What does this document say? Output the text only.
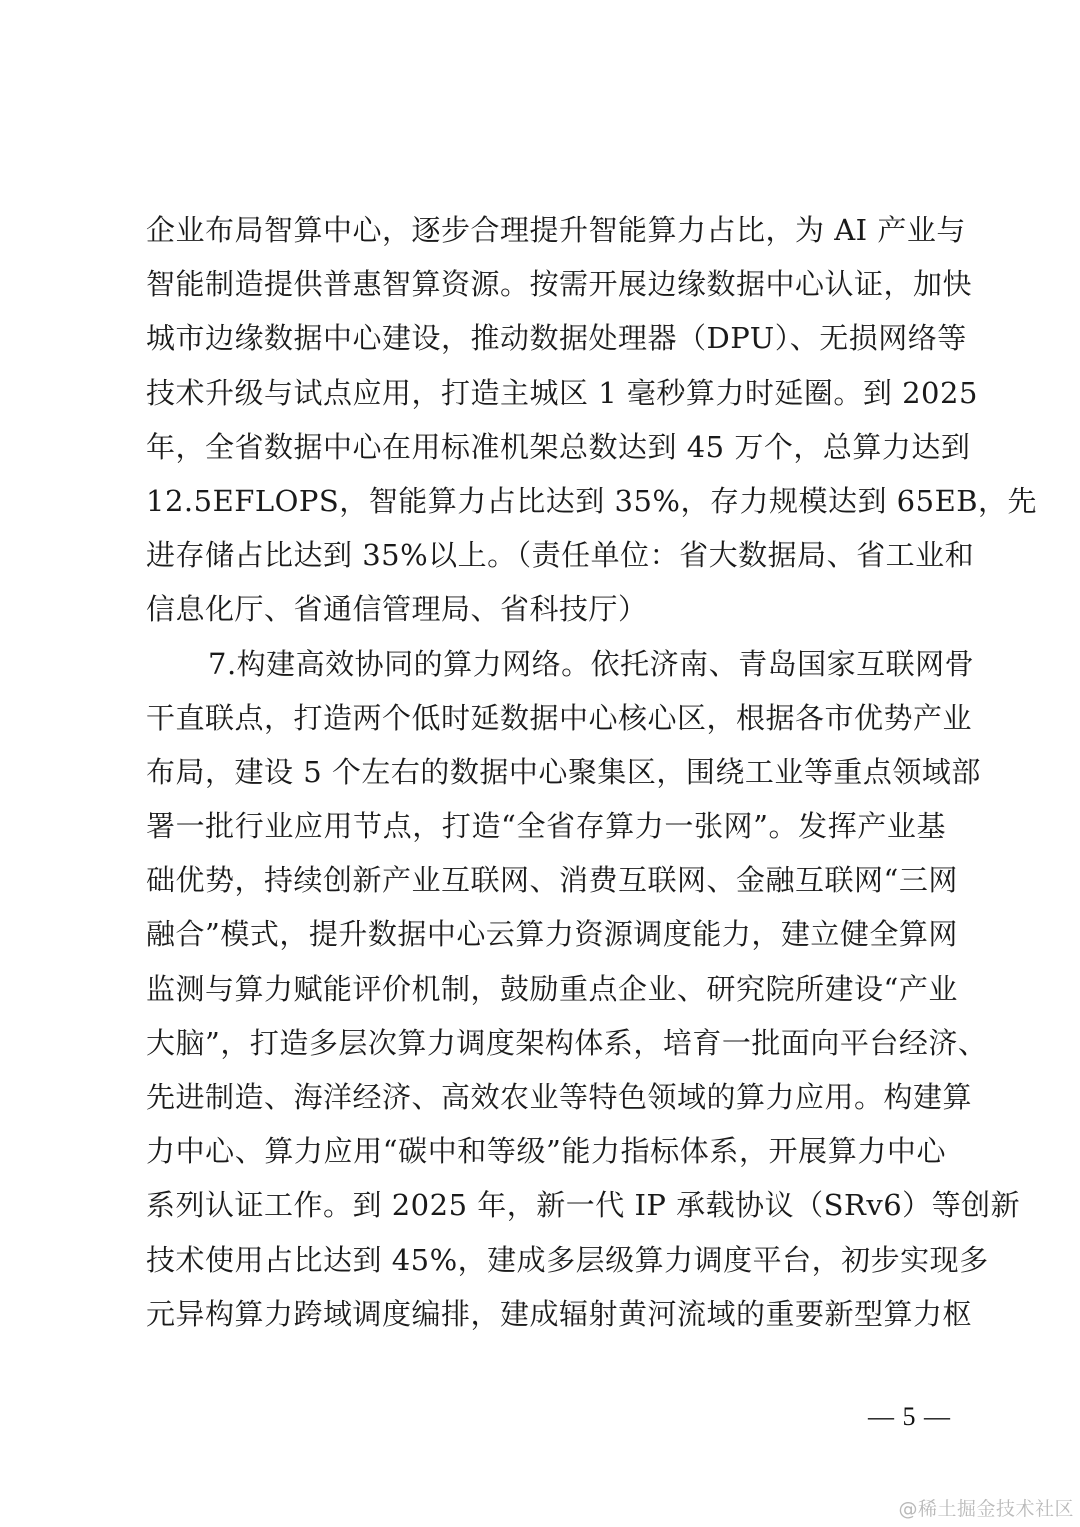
企业布局智算中心，逐步合理提升智能算力占比，为 AI 产业与
智能制造提供普惠智算资源。按需开展边缘数据中心认证，加快
城市边缘数据中心建设，推动数据处理器（DPU）、无损网络等
技术升级与试点应用，打造主城区 1 毫秒算力时延圈。到 2025
年，全省数据中心在用标准机架总数达到 45 万个，总算力达到
12.5EFLOPS，智能算力占比达到 35%，存力规模达到 65EB，先
进存储占比达到 35%以上。（责任单位：省大数据局、省工业和
信息化厅、省通信管理局、省科技厅）
7.构建高效协同的算力网络。依托济南、青岛国家互联网骨
干直联点，打造两个低时延数据中心核心区，根据各市优势产业
布局，建设 5 个左右的数据中心聚集区，围绕工业等重点领域部
署一批行业应用节点，打造“全省存算力一张网”。发挥产业基
础优势，持续创新产业互联网、消费互联网、金融互联网“三网
融合”模式，提升数据中心云算力资源调度能力，建立健全算网
监测与算力赋能评价机制，鼓励重点企业、研究院所建设“产业
大脑”，打造多层次算力调度架构体系，培育一批面向平台经济、
先进制造、海洋经济、高效农业等特色领域的算力应用。构建算
力中心、算力应用“碳中和等级”能力指标体系，开展算力中心
系列认证工作。到 2025 年，新一代 IP 承载协议（SRv6）等创新
技术使用占比达到 45%，建成多层级算力调度平台，初步实现多
元异构算力跨域调度编排，建成辐射黄河流域的重要新型算力枢
— 5 —
@稀土掘金技术社区
